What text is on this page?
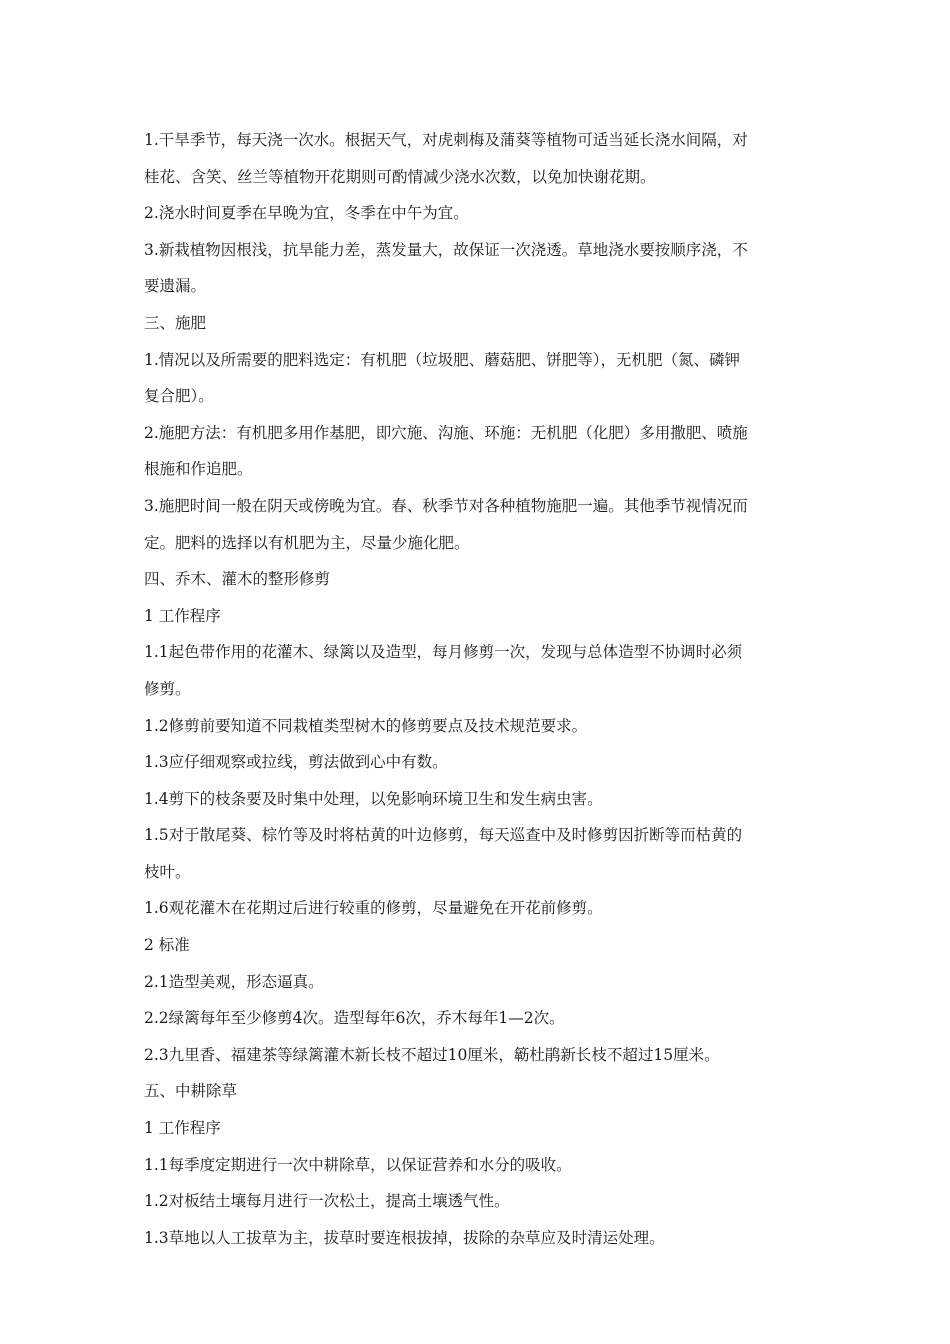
1.干旱季节，每天浇一次水。根据天气，对虎刺梅及蒲葵等植物可适当延长浇水间隔，对
桂花、含笑、丝兰等植物开花期则可酌情减少浇水次数，以免加快谢花期。
2.浇水时间夏季在早晚为宜，冬季在中午为宜。
3.新栽植物因根浅，抗旱能力差，蒸发量大，故保证一次浇透。草地浇水要按顺序浇，不
要遗漏。
三、施肥
1.情况以及所需要的肥料选定：有机肥（垃圾肥、蘑菇肥、饼肥等），无机肥（氮、磷钾
复合肥）。
2.施肥方法：有机肥多用作基肥，即穴施、沟施、环施：无机肥（化肥）多用撒肥、喷施
根施和作追肥。
3.施肥时间一般在阴天或傍晚为宜。春、秋季节对各种植物施肥一遍。其他季节视情况而
定。肥料的选择以有机肥为主，尽量少施化肥。
四、乔木、灌木的整形修剪
1 工作程序
1.1起色带作用的花灌木、绿篱以及造型，每月修剪一次，发现与总体造型不协调时必须
修剪。
1.2修剪前要知道不同栽植类型树木的修剪要点及技术规范要求。
1.3应仔细观察或拉线，剪法做到心中有数。
1.4剪下的枝条要及时集中处理，以免影响环境卫生和发生病虫害。
1.5对于散尾葵、棕竹等及时将枯黄的叶边修剪，每天巡查中及时修剪因折断等而枯黄的
枝叶。
1.6观花灌木在花期过后进行较重的修剪，尽量避免在开花前修剪。
2 标准
2.1造型美观，形态逼真。
2.2绿篱每年至少修剪4次。造型每年6次，乔木每年1—2次。
2.3九里香、福建茶等绿篱灌木新长枝不超过10厘米，簕杜鹃新长枝不超过15厘米。
五、中耕除草
1 工作程序
1.1每季度定期进行一次中耕除草，以保证营养和水分的吸收。
1.2对板结土壤每月进行一次松土，提高土壤透气性。
1.3草地以人工拔草为主，拔草时要连根拔掉，拔除的杂草应及时清运处理。
